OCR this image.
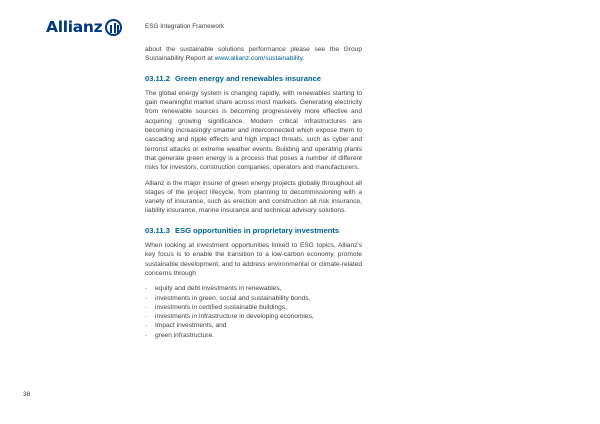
Allianz	ESG Integration Framework

about the sustainable solutions performance please see the Group Sustainability Report at www.allianz.com/sustainability.

03.11.2 Green energy and renewables insurance

The global energy system is changing rapidly, with renewables starting to gain meaningful market share across most markets. Generating electricity from renewable sources is becoming progressively more effective and acquiring growing significance. Modern critical infrastructures are becoming increasingly smarter and interconnected which expose them to cascading and ripple effects and high impact threats, such as cyber and terrorist attacks or extreme weather events. Building and operating plants that generate green energy is a process that poses a number of different risks for investors, construction companies, operators and manufacturers.

Allianz is the major insurer of green energy projects globally throughout all stages of the project lifecycle, from planning to decommissioning with a variety of insurance, such as erection and construction all risk insurance, liability insurance, marine insurance and technical advisory solutions.

03.11.3 ESG opportunities in proprietary investments

When looking at investment opportunities linked to ESG topics, Allianz's key focus is to enable the transition to a low-carbon economy, promote sustainable development, and to address environmental or climate-related concerns through

-	equity and debt investments in renewables,
-	investments in green, social and sustainability bonds,
-	investments in certified sustainable buildings,
-	investments in infrastructure in developing economies,
-	Impact investments, and
-	green infrastructure.
38
